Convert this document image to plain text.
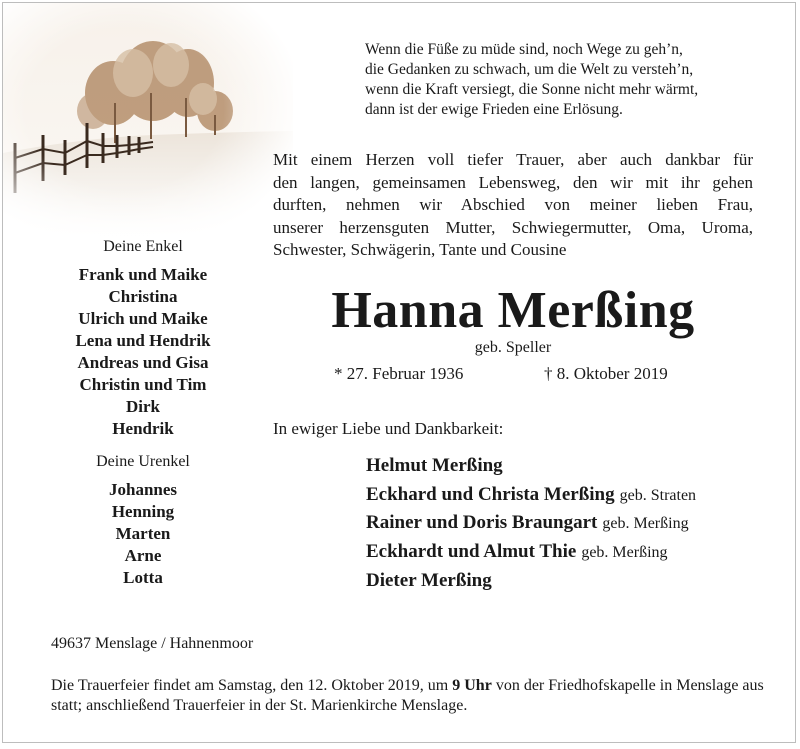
Wenn die Füße zu müde sind, noch Wege zu geh’n,
die Gedanken zu schwach, um die Welt zu versteh’n,
wenn die Kraft versiegt, die Sonne nicht mehr wärmt,
dann ist der ewige Frieden eine Erlösung.
Mit einem Herzen voll tiefer Trauer, aber auch dankbar für
den langen, gemeinsamen Lebensweg, den wir mit ihr gehen
durften, nehmen wir Abschied von meiner lieben Frau,
unserer herzensguten Mutter, Schwiegermutter, Oma, Uroma,
Schwester, Schwägerin, Tante und Cousine
Hanna Merßing
geb. Speller
* 27. Februar 1936	† 8. Oktober 2019
In ewiger Liebe und Dankbarkeit:
Helmut Merßing
Eckhard und Christa Merßing geb. Straten
Rainer und Doris Braungart geb. Merßing
Eckhardt und Almut Thie geb. Merßing
Dieter Merßing
Deine Enkel
Frank und Maike
Christina
Ulrich und Maike
Lena und Hendrik
Andreas und Gisa
Christin und Tim
Dirk
Hendrik
Deine Urenkel
Johannes
Henning
Marten
Arne
Lotta
49637 Menslage / Hahnenmoor
Die Trauerfeier findet am Samstag, den 12. Oktober 2019, um 9 Uhr von der Friedhofskapelle in Menslage aus statt; anschließend Trauerfeier in der St. Marienkirche Menslage.
